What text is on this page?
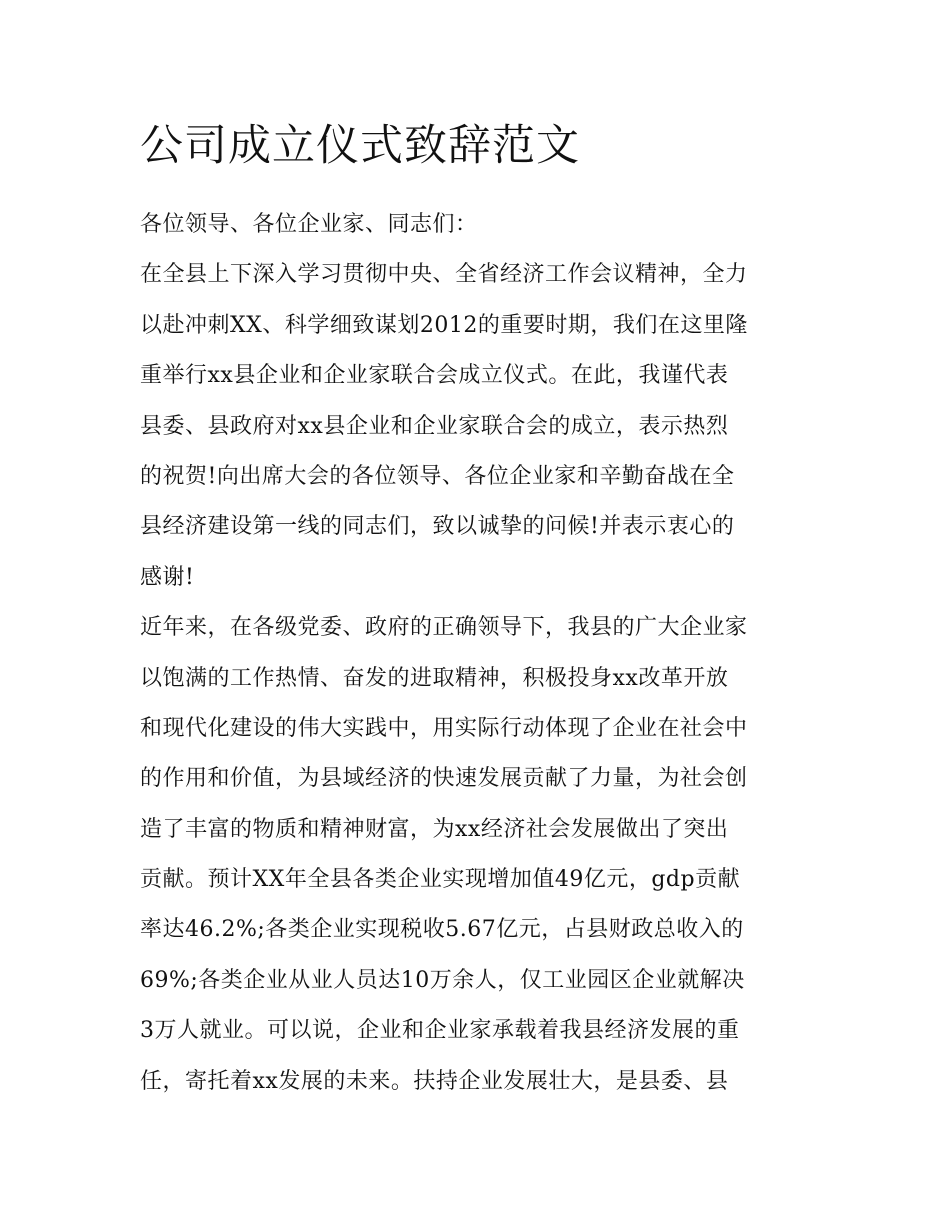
公司成立仪式致辞范文
各位领导、各位企业家、同志们：
在全县上下深入学习贯彻中央、全省经济工作会议精神，全力
以赴冲刺XX、科学细致谋划2012的重要时期，我们在这里隆
重举行xx县企业和企业家联合会成立仪式。在此，我谨代表
县委、县政府对xx县企业和企业家联合会的成立，表示热烈
的祝贺!向出席大会的各位领导、各位企业家和辛勤奋战在全
县经济建设第一线的同志们，致以诚挚的问候!并表示衷心的
感谢!
近年来，在各级党委、政府的正确领导下，我县的广大企业家
以饱满的工作热情、奋发的进取精神，积极投身xx改革开放
和现代化建设的伟大实践中，用实际行动体现了企业在社会中
的作用和价值，为县域经济的快速发展贡献了力量，为社会创
造了丰富的物质和精神财富，为xx经济社会发展做出了突出
贡献。预计XX年全县各类企业实现增加值49亿元，gdp贡献
率达46.2%;各类企业实现税收5.67亿元，占县财政总收入的
69%;各类企业从业人员达10万余人，仅工业园区企业就解决
3万人就业。可以说，企业和企业家承载着我县经济发展的重
任，寄托着xx发展的未来。扶持企业发展壮大，是县委、县
